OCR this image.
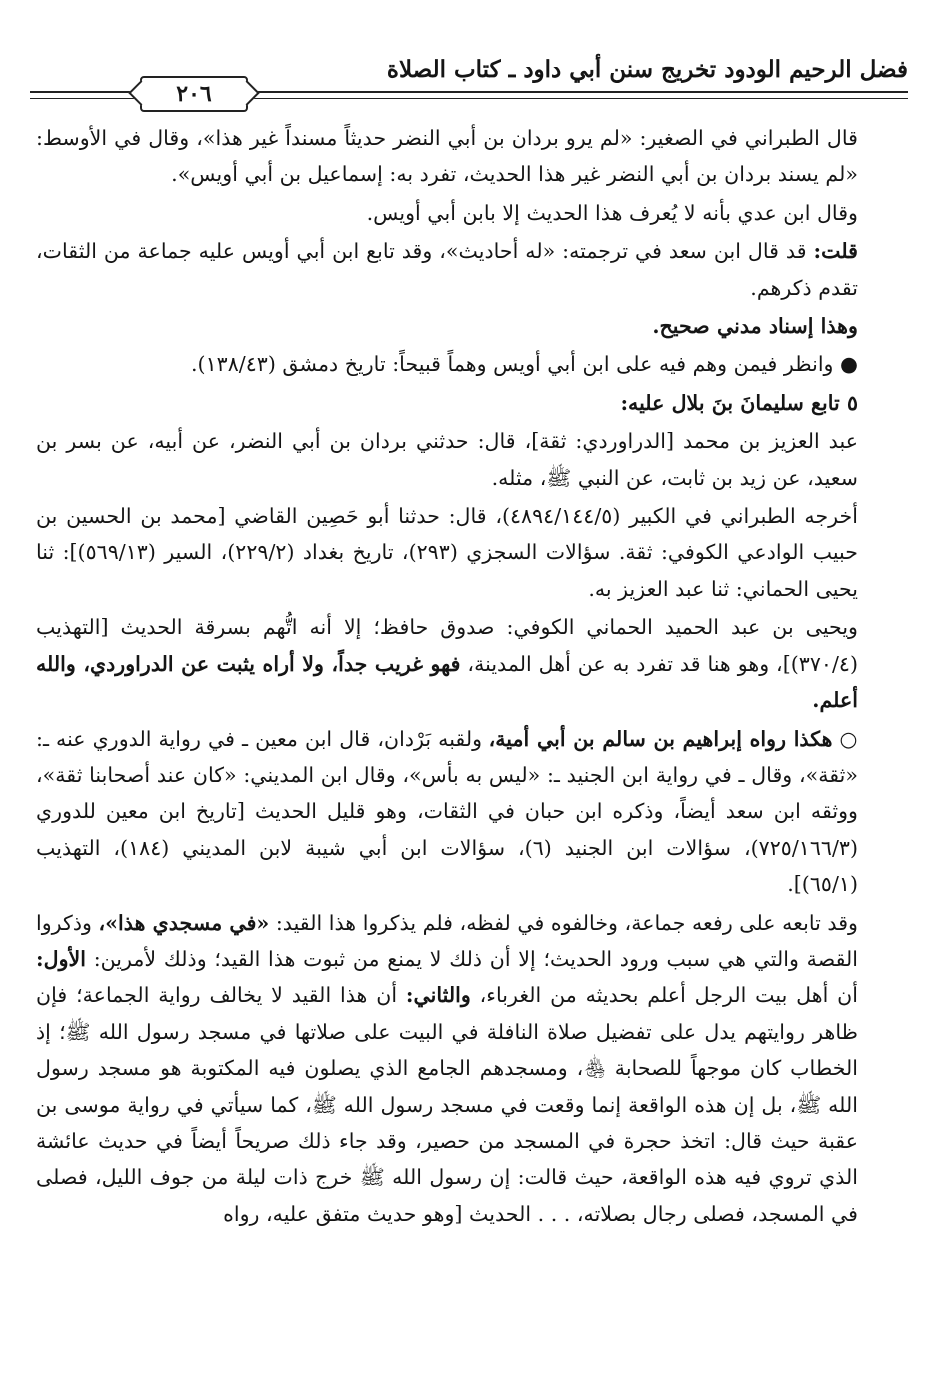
فضل الرحيم الودود تخريج سنن أبي داود ـ كتاب الصلاة
٢٠٦

قال الطبراني في الصغير: «لم يرو بردان بن أبي النضر حديثاً مسنداً غير هذا»، وقال في الأوسط: «لم يسند بردان بن أبي النضر غير هذا الحديث، تفرد به: إسماعيل بن أبي أويس».

وقال ابن عدي بأنه لا يُعرف هذا الحديث إلا بابن أبي أويس.

قلت: قد قال ابن سعد في ترجمته: «له أحاديث»، وقد تابع ابن أبي أويس عليه جماعة من الثقات، تقدم ذكرهم.

وهذا إسناد مدني صحيح.

● وانظر فيمن وهم فيه على ابن أبي أويس وهماً قبيحاً: تاريخ دمشق (١٣٨/٤٣).

٥ تابع سليمانَ بنَ بلال عليه:

عبد العزيز بن محمد [الدراوردي: ثقة]، قال: حدثني بردان بن أبي النضر، عن أبيه، عن بسر بن سعيد، عن زيد بن ثابت، عن النبي ﷺ، مثله.

أخرجه الطبراني في الكبير (٤٨٩٤/١٤٤/٥)، قال: حدثنا أبو حَصِين القاضي [محمد بن الحسين بن حبيب الوادعي الكوفي: ثقة. سؤالات السجزي (٢٩٣)، تاريخ بغداد (٢٢٩/٢)، السير (٥٦٩/١٣)]: ثنا يحيى الحماني: ثنا عبد العزيز به.

ويحيى بن عبد الحميد الحماني الكوفي: صدوق حافظ؛ إلا أنه اتُّهم بسرقة الحديث [التهذيب (٣٧٠/٤)]، وهو هنا قد تفرد به عن أهل المدينة، فهو غريب جداً، ولا أراه يثبت عن الدراوردي، والله أعلم.

○ هكذا رواه إبراهيم بن سالم بن أبي أمية، ولقبه بَرْدان، قال ابن معين ـ في رواية الدوري عنه ـ: «ثقة»، وقال ـ في رواية ابن الجنيد ـ: «ليس به بأس»، وقال ابن المديني: «كان عند أصحابنا ثقة»، ووثقه ابن سعد أيضاً، وذكره ابن حبان في الثقات، وهو قليل الحديث [تاريخ ابن معين للدوري (٧٢٥/١٦٦/٣)، سؤالات ابن الجنيد (٦)، سؤالات ابن أبي شيبة لابن المديني (١٨٤)، التهذيب (٦٥/١)].

وقد تابعه على رفعه جماعة، وخالفوه في لفظه، فلم يذكروا هذا القيد: «في مسجدي هذا»، وذكروا القصة والتي هي سبب ورود الحديث؛ إلا أن ذلك لا يمنع من ثبوت هذا القيد؛ وذلك لأمرين: الأول: أن أهل بيت الرجل أعلم بحديثه من الغرباء، والثاني: أن هذا القيد لا يخالف رواية الجماعة؛ فإن ظاهر روايتهم يدل على تفضيل صلاة النافلة في البيت على صلاتها في مسجد رسول الله ﷺ؛ إذ الخطاب كان موجهاً للصحابة ﵃، ومسجدهم الجامع الذي يصلون فيه المكتوبة هو مسجد رسول الله ﷺ، بل إن هذه الواقعة إنما وقعت في مسجد رسول الله ﷺ، كما سيأتي في رواية موسى بن عقبة حيث قال: اتخذ حجرة في المسجد من حصير، وقد جاء ذلك صريحاً أيضاً في حديث عائشة الذي تروي فيه هذه الواقعة، حيث قالت: إن رسول الله ﷺ خرج ذات ليلة من جوف الليل، فصلى في المسجد، فصلى رجال بصلاته، . . . الحديث [وهو حديث متفق عليه، رواه
